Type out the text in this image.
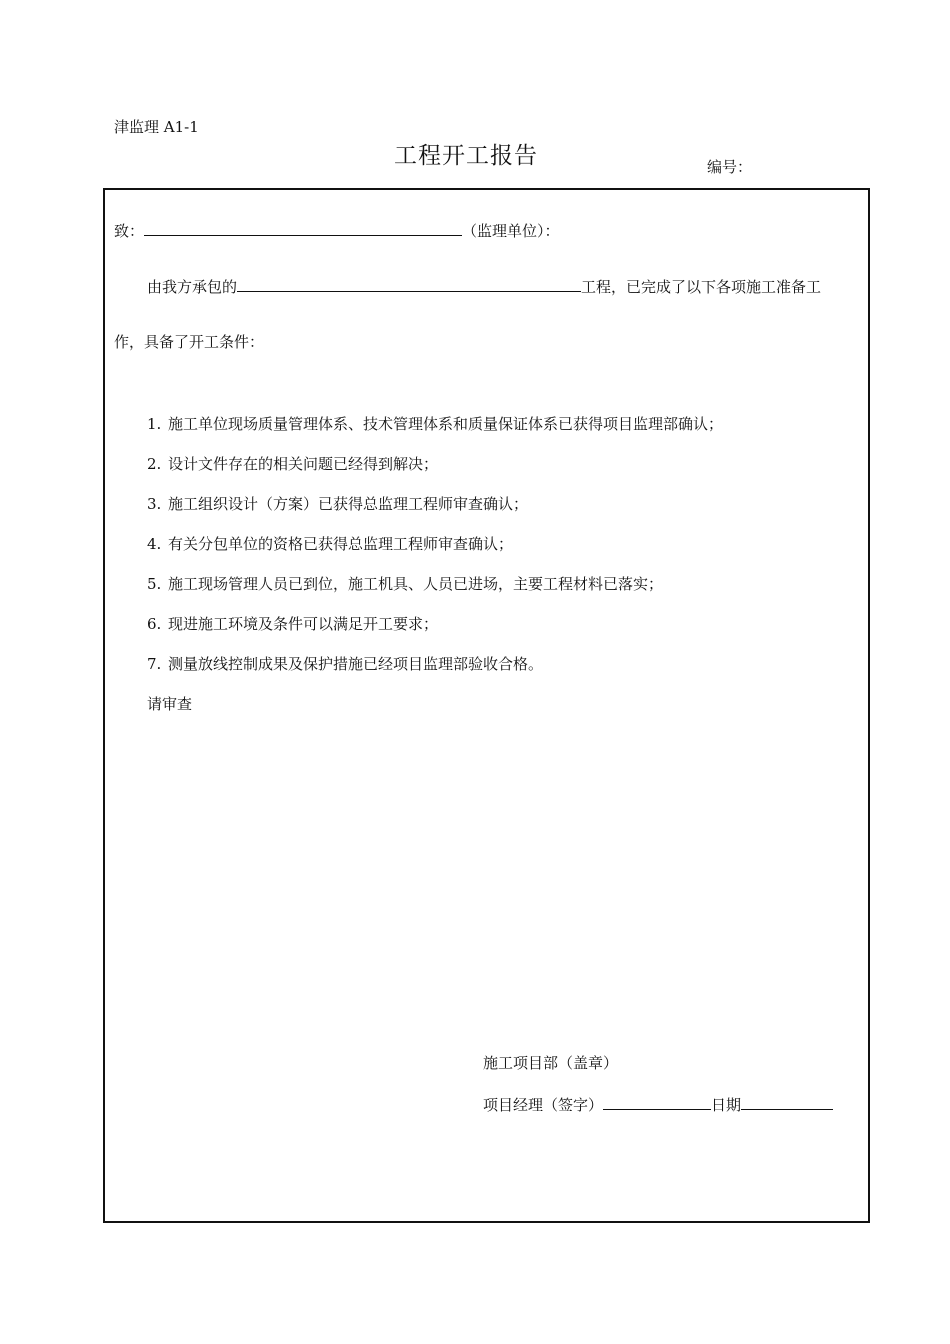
津监理 A1-1
工程开工报告	编号：
致：	（监理单位）：
由我方承包的	工程，已完成了以下各项施工准备工
作，具备了开工条件：
1. 施工单位现场质量管理体系、技术管理体系和质量保证体系已获得项目监理部确认；
2. 设计文件存在的相关问题已经得到解决；
3. 施工组织设计（方案）已获得总监理工程师审查确认；
4. 有关分包单位的资格已获得总监理工程师审查确认；
5. 施工现场管理人员已到位，施工机具、人员已进场，主要工程材料已落实；
6. 现进施工环境及条件可以满足开工要求；
7. 测量放线控制成果及保护措施已经项目监理部验收合格。
请审查
施工项目部（盖章）
项目经理（签字）	日期
